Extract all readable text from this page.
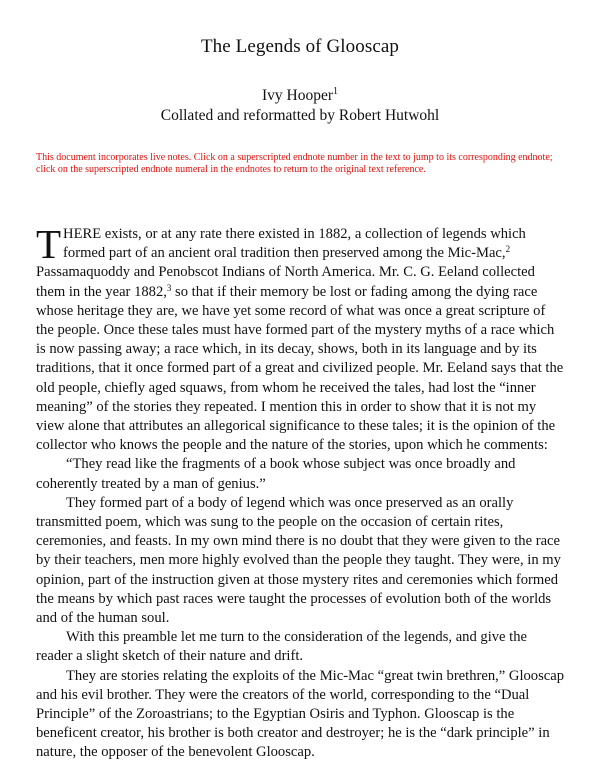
The Legends of Glooscap
Ivy Hooper$^1$
Collated and reformatted by Robert Hutwohl
This document incorporates live notes. Click on a superscripted endnote number in the text to jump to its corresponding endnote; click on the superscripted endnote numeral in the endnotes to return to the original text reference.

THERE exists, or at any rate there existed in 1882, a collection of legends which formed part of an ancient oral tradition then preserved among the Mic-Mac,$^2$ Passamaquoddy and Penobscot Indians of North America. Mr. C. G. Eeland collected them in the year 1882,$^3$ so that if their memory be lost or fading among the dying race whose heritage they are, we have yet some record of what was once a great scripture of the people. Once these tales must have formed part of the mystery myths of a race which is now passing away; a race which, in its decay, shows, both in its language and by its traditions, that it once formed part of a great and civilized people. Mr. Eeland says that the old people, chiefly aged squaws, from whom he received the tales, had lost the “inner meaning” of the stories they repeated. I mention this in order to show that it is not my view alone that attributes an allegorical significance to these tales; it is the opinion of the collector who knows the people and the nature of the stories, upon which he comments:

“They read like the fragments of a book whose subject was once broadly and coherently treated by a man of genius.”

They formed part of a body of legend which was once preserved as an orally transmitted poem, which was sung to the people on the occasion of certain rites, ceremonies, and feasts. In my own mind there is no doubt that they were given to the race by their teachers, men more highly evolved than the people they taught. They were, in my opinion, part of the instruction given at those mystery rites and ceremonies which formed the means by which past races were taught the processes of evolution both of the worlds and of the human soul.

With this preamble let me turn to the consideration of the legends, and give the reader a slight sketch of their nature and drift.

They are stories relating the exploits of the Mic-Mac “great twin brethren,” Glooscap and his evil brother. They were the creators of the world, corresponding to the “Dual Principle” of the Zoroastrians; to the Egyptian Osiris and Typhon. Glooscap is the beneficent creator, his brother is both creator and destroyer; he is the “dark principle” in nature, the opposer of the benevolent Glooscap.
